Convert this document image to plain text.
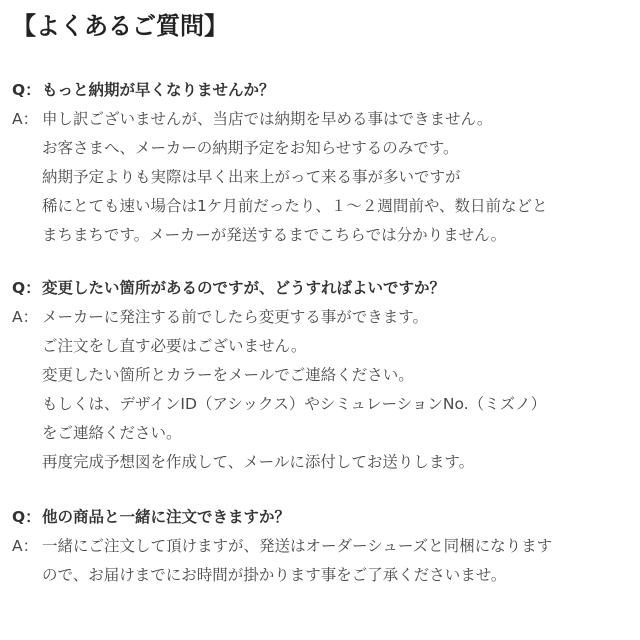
【よくあるご質問】
Q：もっと納期が早くなりませんか？
A： 申し訳ございませんが、当店では納期を早める事はできません。
お客さまへ、メーカーの納期予定をお知らせするのみです。
納期予定よりも実際は早く出来上がって来る事が多いですが
稀にとても速い場合は1ケ月前だったり、１～２週間前や、数日前などと
まちまちです。メーカーが発送するまでこちらでは分かりません。
Q：変更したい箇所があるのですが、どうすればよいですか？
A： メーカーに発注する前でしたら変更する事ができます。
ご注文をし直す必要はございません。
変更したい箇所とカラーをメールでご連絡ください。
もしくは、デザインID（アシックス）やシミュレーションNo.（ミズノ）
をご連絡ください。
再度完成予想図を作成して、メールに添付してお送りします。
Q：他の商品と一緒に注文できますか？
A： 一緒にご注文して頂けますが、発送はオーダーシューズと同梱になります
ので、お届けまでにお時間が掛かります事をご了承くださいませ。
